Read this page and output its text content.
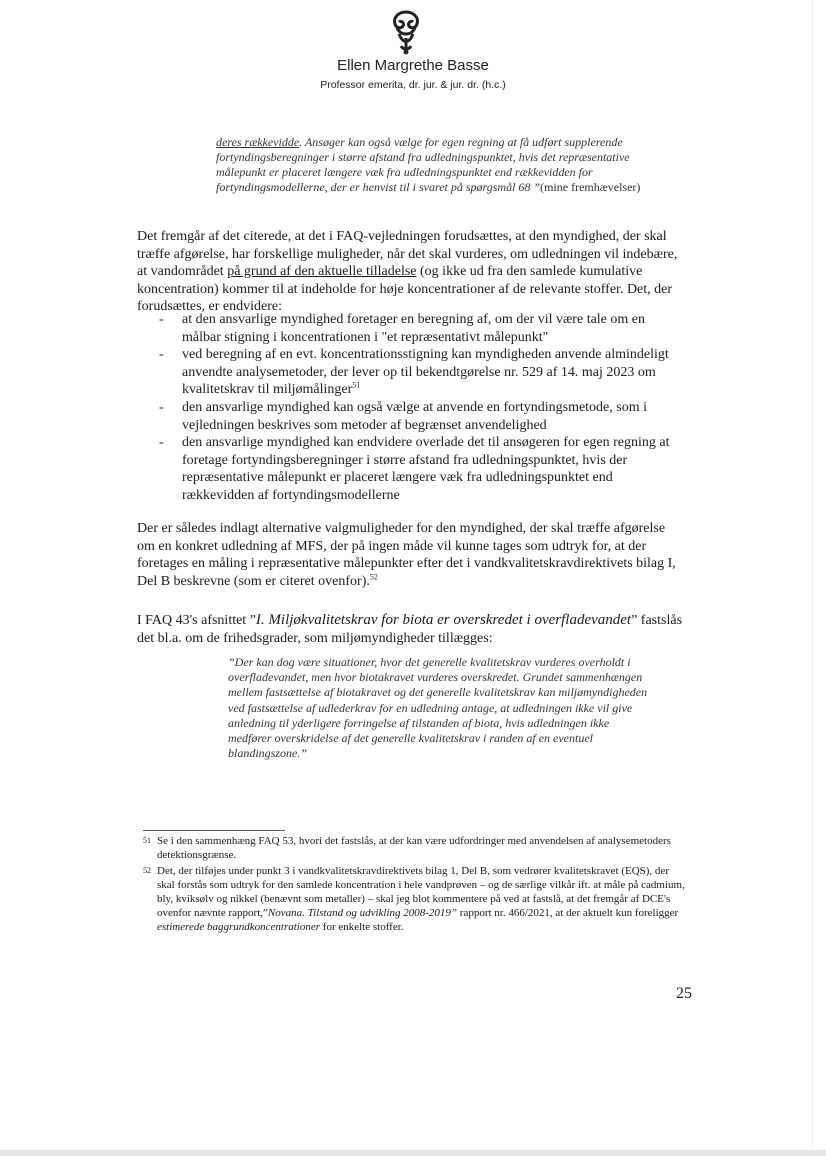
Ellen Margrethe Basse
Professor emerita, dr. jur. & jur. dr. (h.c.)
deres rækkevidde. Ansøger kan også vælge for egen regning at få udført supplerende fortyndingsberegninger i større afstand fra udledningspunktet, hvis det repræsentative målepunkt er placeret længere væk fra udledningspunktet end rækkevidden for fortyndingsmodellerne, der er henvist til i svaret på spørgsmål 68 ”(mine fremhævelser)
Det fremgår af det citerede, at det i FAQ-vejledningen forudsættes, at den myndighed, der skal træffe afgørelse, har forskellige muligheder, når det skal vurderes, om udledningen vil indebære, at vandområdet på grund af den aktuelle tilladelse (og ikke ud fra den samlede kumulative koncentration) kommer til at indeholde for høje koncentrationer af de relevante stoffer. Det, der forudsættes, er endvidere:
- at den ansvarlige myndighed foretager en beregning af, om der vil være tale om en målbar stigning i koncentrationen i "et repræsentativt målepunkt"
- ved beregning af en evt. koncentrationsstigning kan myndigheden anvende almindeligt anvendte analysemetoder, der lever op til bekendtgørelse nr. 529 af 14. maj 2023 om kvalitetskrav til miljømålinger$^{51}$
- den ansvarlige myndighed kan også vælge at anvende en fortyndingsmetode, som i vejledningen beskrives som metoder af begrænset anvendelighed
- den ansvarlige myndighed kan endvidere overlade det til ansøgeren for egen regning at foretage fortyndingsberegninger i større afstand fra udledningspunktet, hvis der repræsentative målepunkt er placeret længere væk fra udledningspunktet end rækkevidden af fortyndingsmodellerne
Der er således indlagt alternative valgmuligheder for den myndighed, der skal træffe afgørelse om en konkret udledning af MFS, der på ingen måde vil kunne tages som udtryk for, at der foretages en måling i repræsentative målepunkter efter det i vandkvalitetskravdirektivets bilag I, Del B beskrevne (som er citeret ovenfor).$^{52}$
I FAQ 43's afsnittet ”I. Miljøkvalitetskrav for biota er overskredet i overfladevandet” fastslås det bl.a. om de frihedsgrader, som miljømyndigheder tillægges:
”Der kan dog være situationer, hvor det generelle kvalitetskrav vurderes overholdt i overfladevandet, men hvor biotakravet vurderes overskredet. Grundet sammenhængen mellem fastsættelse af biotakravet og det generelle kvalitetskrav kan miljømyndigheden ved fastsættelse af udlederkrav for en udledning antage, at udledningen ikke vil give anledning til yderligere forringelse af tilstanden af biota, hvis udledningen ikke medfører overskridelse af det generelle kvalitetskrav i randen af en eventuel blandingszone.”
51 Se i den sammenhæng FAQ 53, hvori det fastslås, at der kan være udfordringer med anvendelsen af analysemetoders detektionsgrænse.
52 Det, der tilføjes under punkt 3 i vandkvalitetskravdirektivets bilag 1, Del B, som vedrører kvalitetskravet (EQS), der skal forstås som udtryk for den samlede koncentration i hele vandprøven – og de særlige vilkår ift. at måle på cadmium, bly, kviksølv og nikkel (benævnt som metaller) – skal jeg blot kommentere på ved at fastslå, at det fremgår af DCE's ovenfor nævnte rapport,”Novana. Tilstand og udvikling 2008-2019” rapport nr. 466/2021, at der aktuelt kun foreligger estimerede baggrundkoncentrationer for enkelte stoffer.
25
